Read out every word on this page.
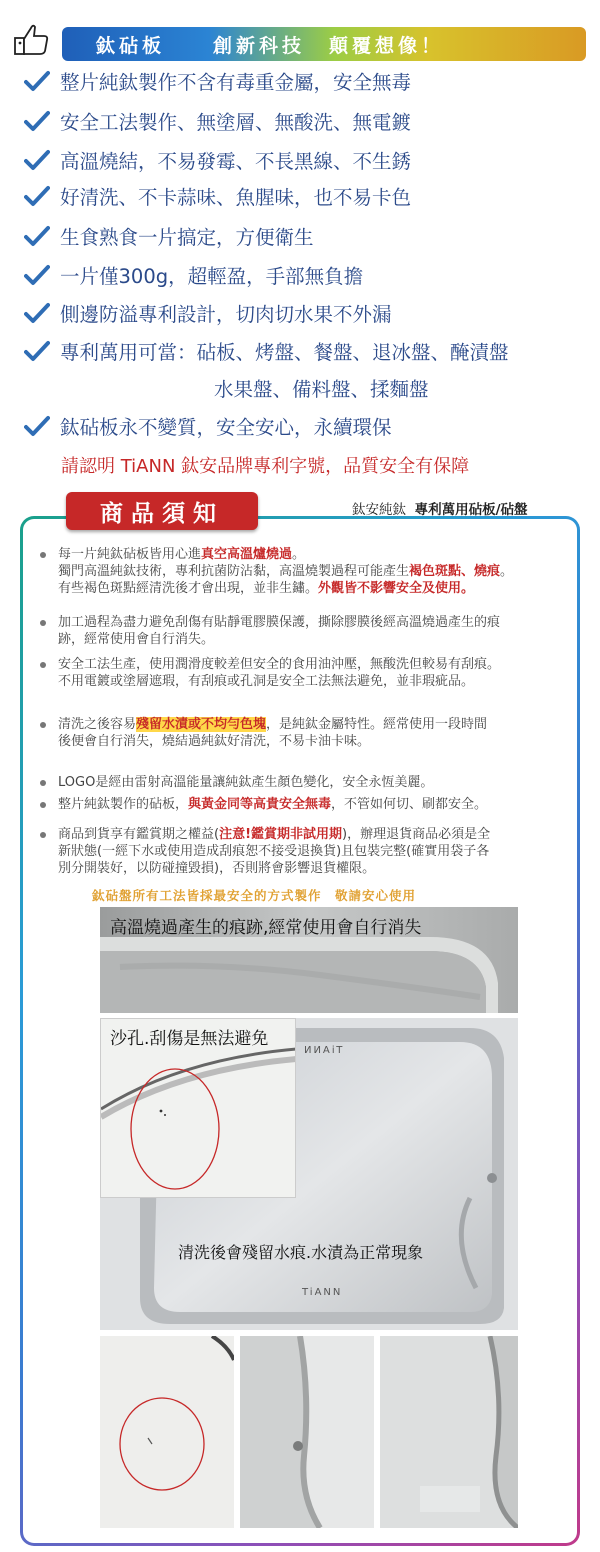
鈦砧板	創新科技 顛覆想像！
整片純鈦製作不含有毒重金屬，安全無毒
安全工法製作、無塗層、無酸洗、無電鍍
高溫燒結，不易發霉、不長黑線、不生銹
好清洗、不卡蒜味、魚腥味，也不易卡色
生食熟食一片搞定，方便衛生
一片僅300g，超輕盈，手部無負擔
側邊防溢專利設計，切肉切水果不外漏
專利萬用可當：砧板、烤盤、餐盤、退冰盤、醃漬盤
水果盤、備料盤、揉麵盤
鈦砧板永不變質，安全安心，永續環保
請認明 TiANN 鈦安品牌專利字號，品質安全有保障
商品須知	鈦安純鈦 專利萬用砧板/砧盤
每一片純鈦砧板皆用心進真空高溫爐燒過。
獨門高溫純鈦技術，專利抗菌防沾黏，高溫燒製過程可能產生褐色斑點、燒痕。
有些褐色斑點經清洗後才會出現，並非生鏽。外觀皆不影響安全及使用。
加工過程為盡力避免刮傷有貼靜電膠膜保護，撕除膠膜後經高溫燒過產生的痕
跡，經常使用會自行消失。
安全工法生產，使用潤滑度較差但安全的食用油沖壓，無酸洗但較易有刮痕。
不用電鍍或塗層遮瑕，有刮痕或孔洞是安全工法無法避免，並非瑕疵品。
清洗之後容易殘留水漬或不均勻色塊，是純鈦金屬特性。經常使用一段時間
後便會自行消失，燒結過純鈦好清洗，不易卡油卡味。
LOGO是經由雷射高溫能量讓純鈦產生顏色變化，安全永恆美麗。
整片純鈦製作的砧板，與黃金同等高貴安全無毒，不管如何切、刷都安全。
商品到貨享有鑑賞期之權益(注意!鑑賞期非試用期)，辦理退貨商品必須是全
新狀態(一經下水或使用造成刮痕恕不接受退換貨)且包裝完整(確實用袋子各
別分開裝好，以防碰撞毀損)，否則將會影響退貨權限。
鈦砧盤所有工法皆採最安全的方式製作　敬請安心使用
高溫燒過產生的痕跡,經常使用會自行消失
沙孔.刮傷是無法避免
清洗後會殘留水痕.水漬為正常現象
TiANN
TiANN
